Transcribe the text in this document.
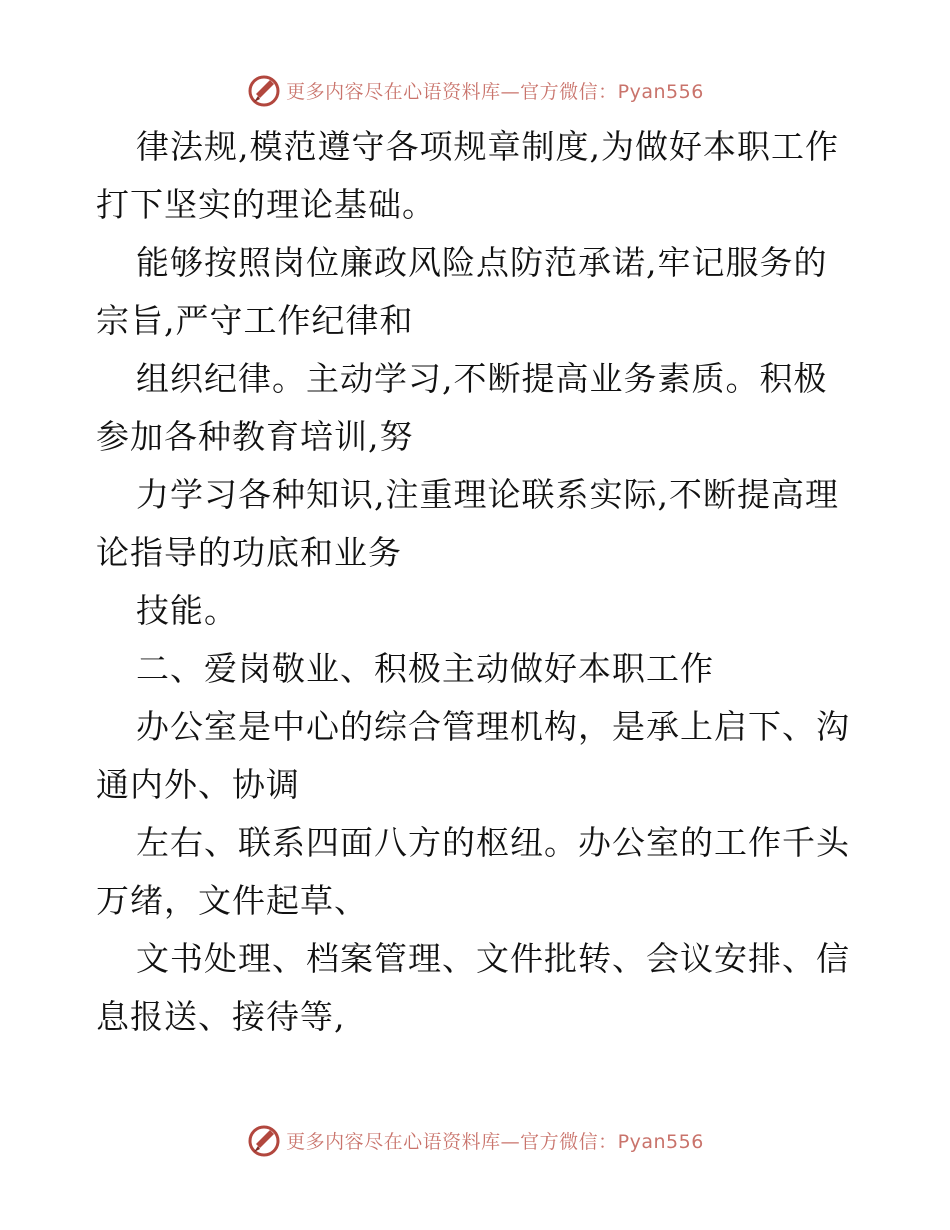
更多内容尽在心语资料库—官方微信：Pyan556
律法规,模范遵守各项规章制度,为做好本职工作
打下坚实的理论基础。
能够按照岗位廉政风险点防范承诺,牢记服务的
宗旨,严守工作纪律和
组织纪律。主动学习,不断提高业务素质。积极
参加各种教育培训,努
力学习各种知识,注重理论联系实际,不断提高理
论指导的功底和业务
技能。
二、爱岗敬业、积极主动做好本职工作
办公室是中心的综合管理机构，是承上启下、沟
通内外、协调
左右、联系四面八方的枢纽。办公室的工作千头
万绪，文件起草、
文书处理、档案管理、文件批转、会议安排、信
息报送、接待等,
更多内容尽在心语资料库—官方微信：Pyan556
